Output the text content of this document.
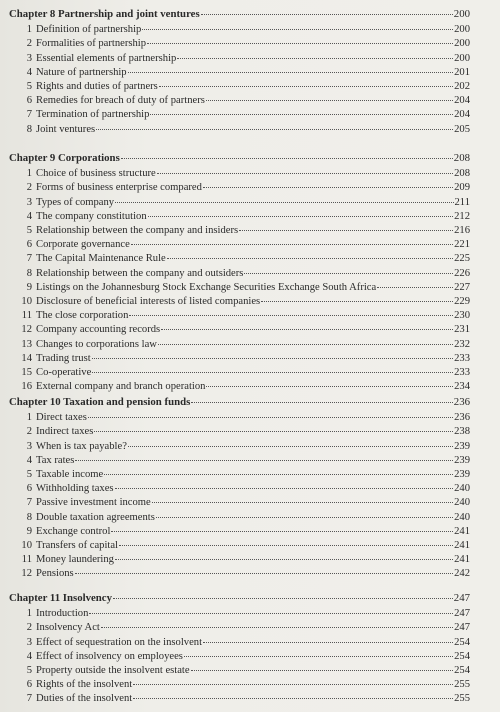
Chapter 8 Partnership and joint ventures	200
1 Definition of partnership	200
2 Formalities of partnership	200
3 Essential elements of partnership	200
4 Nature of partnership	201
5 Rights and duties of partners	202
6 Remedies for breach of duty of partners	204
7 Termination of partnership	204
8 Joint ventures	205
Chapter 9 Corporations	208
1 Choice of business structure	208
2 Forms of business enterprise compared	209
3 Types of company	211
4 The company constitution	212
5 Relationship between the company and insiders	216
6 Corporate governance	221
7 The Capital Maintenance Rule	225
8 Relationship between the company and outsiders	226
9 Listings on the Johannesburg Stock Exchange Securities Exchange South Africa	227
10 Disclosure of beneficial interests of listed companies	229
11 The close corporation	230
12 Company accounting records	231
13 Changes to corporations law	232
14 Trading trust	233
15 Co-operative	233
16 External company and branch operation	234
Chapter 10 Taxation and pension funds	236
1 Direct taxes	236
2 Indirect taxes	238
3 When is tax payable?	239
4 Tax rates	239
5 Taxable income	239
6 Withholding taxes	240
7 Passive investment income	240
8 Double taxation agreements	240
9 Exchange control	241
10 Transfers of capital	241
11 Money laundering	241
12 Pensions	242
Chapter 11 Insolvency	247
1 Introduction	247
2 Insolvency Act	247
3 Effect of sequestration on the insolvent	254
4 Effect of insolvency on employees	254
5 Property outside the insolvent estate	254
6 Rights of the insolvent	255
7 Duties of the insolvent	255
